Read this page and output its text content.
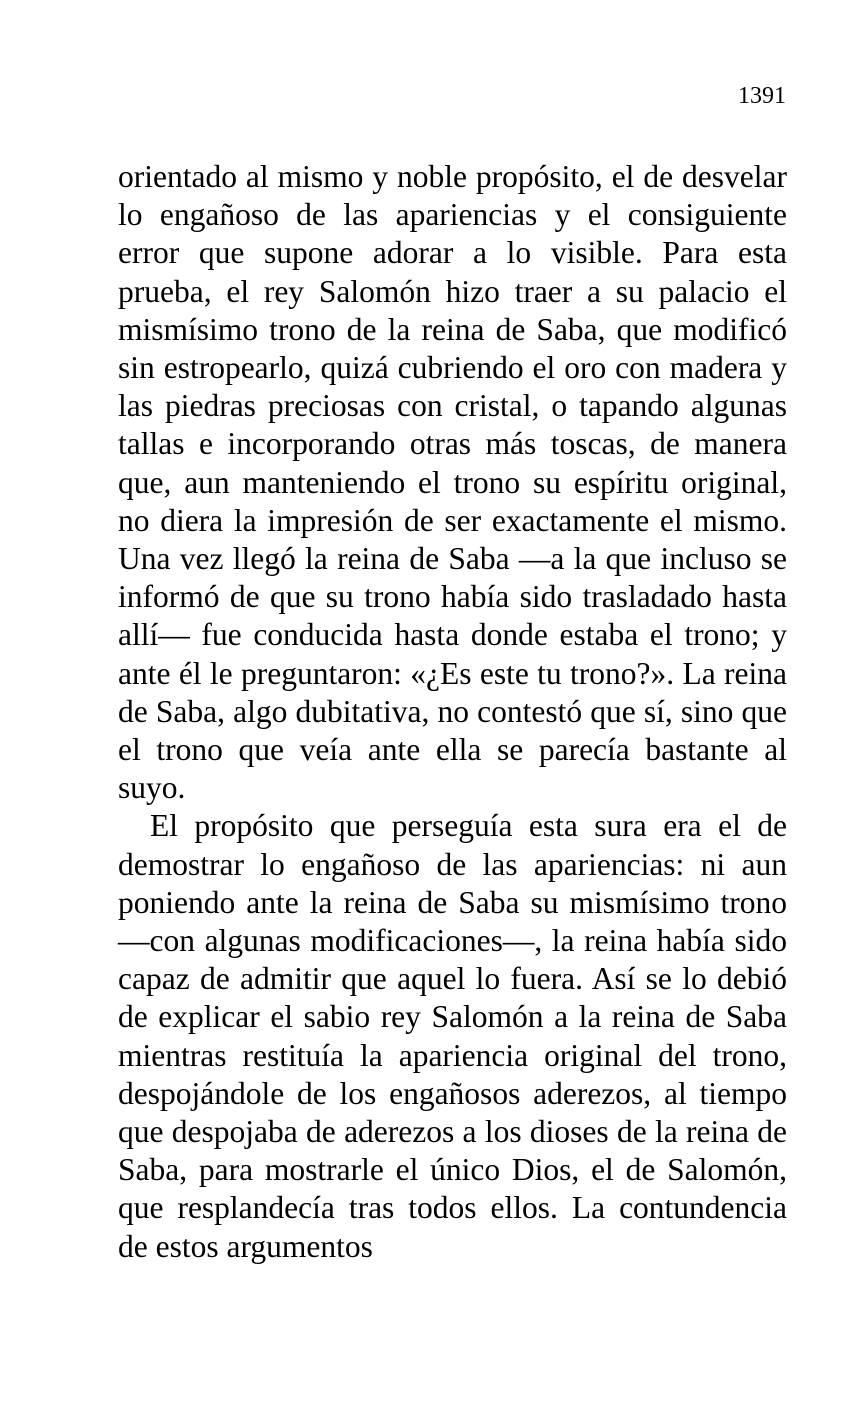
1391

orientado al mismo y noble propósito, el de desvelar lo engañoso de las apariencias y el consiguiente error que supone adorar a lo visible. Para esta prueba, el rey Salomón hizo traer a su palacio el mismísimo trono de la reina de Saba, que modificó sin estropearlo, quizá cubriendo el oro con madera y las piedras preciosas con cristal, o tapando algunas tallas e incorporando otras más toscas, de manera que, aun manteniendo el trono su espíritu original, no diera la impresión de ser exactamente el mismo. Una vez llegó la reina de Saba —a la que incluso se informó de que su trono había sido trasladado hasta allí— fue conducida hasta donde estaba el trono; y ante él le preguntaron: «¿Es este tu trono?». La reina de Saba, algo dubitativa, no contestó que sí, sino que el trono que veía ante ella se parecía bastante al suyo.

El propósito que perseguía esta sura era el de demostrar lo engañoso de las apariencias: ni aun poniendo ante la reina de Saba su mismísimo trono —con algunas modificaciones—, la reina había sido capaz de admitir que aquel lo fuera. Así se lo debió de explicar el sabio rey Salomón a la reina de Saba mientras restituía la apariencia original del trono, despojándole de los engañosos aderezos, al tiempo que despojaba de aderezos a los dioses de la reina de Saba, para mostrarle el único Dios, el de Salomón, que resplandecía tras todos ellos. La contundencia de estos argumentos
